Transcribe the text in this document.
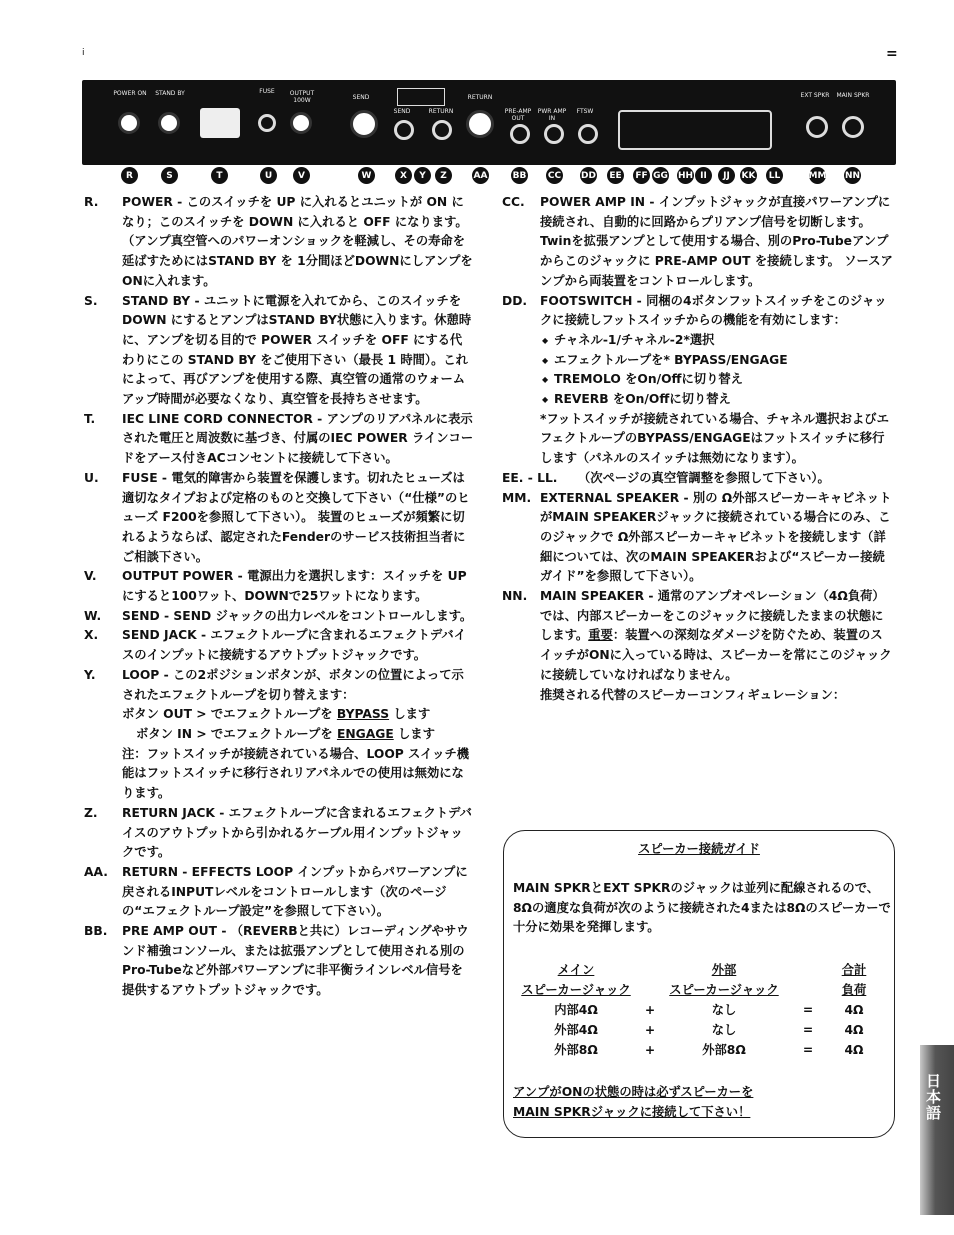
i	=
POWER ON	STAND BY	FUSE	OUTPUT 100W	SEND
SEND	RETURN
RETURN
PRE-AMP OUT
PWR AMP IN
FTSW
EXT SPKR	MAIN SPKR
R	S	T	U	V	W	X	Y	Z	AA	BB CC DD EE FF GG HH II	JJ	KK	LL	MM NN
R. POWER - このスイッチを UP に入れるとユニットが ON になり；このスイッチを DOWN に入れると OFF になります。（アンプ真空管へのパワーオンショックを軽減し、その寿命を延ばすためにはSTAND BY を 1分間ほどDOWNにしアンプをONに入れます。
S. STAND BY - ユニットに電源を入れてから、このスイッチをDOWN にするとアンプはSTAND BY状態に入ります。休憩時に、アンプを切る目的で POWER スイッチを OFF にする代わりにこの STAND BY をご使用下さい（最長 1 時間）。これによって、再びアンプを使用する際、真空管の通常のウォームアップ時間が必要なくなり、真空管を長持ちさせます。
T. IEC LINE CORD CONNECTOR - アンプのリアパネルに表示された電圧と周波数に基づき、付属のIEC POWER ラインコードをアース付きACコンセントに接続して下さい。
U. FUSE - 電気的障害から装置を保護します。切れたヒューズは適切なタイプおよび定格のものと交換して下さい（“仕様”のヒューズ F200を参照して下さい）。 装置のヒューズが頻繁に切れるようならば、認定されたFenderのサービス技術担当者にご相談下さい。
V. OUTPUT POWER - 電源出力を選択します：スイッチを UP にすると100ワット、DOWNで25ワットになります。
W. SEND - SEND ジャックの出力レベルをコントロールします。
X. SEND JACK - エフェクトループに含まれるエフェクトデバイスのインプットに接続するアウトプットジャックです。
Y. LOOP - この2ポジションボタンが、ボタンの位置によって示されたエフェクトループを切り替えます：
ボタン OUT > でエフェクトループを BYPASS します
ボタン IN > でエフェクトループを ENGAGE します
注：フットスイッチが接続されている場合、LOOP スイッチ機能はフットスイッチに移行されリアパネルでの使用は無効になります。
Z. RETURN JACK - エフェクトループに含まれるエフェクトデバイスのアウトプットから引かれるケーブル用インプットジャックです。
AA. RETURN - EFFECTS LOOP インプットからパワーアンプに戻されるINPUTレベルをコントロールします（次のページの“エフェクトループ設定”を参照して下さい）。
BB. PRE AMP OUT - （REVERBと共に）レコーディングやサウンド補強コンソール、または拡張アンプとして使用される別のPro-Tubeなど外部パワーアンプに非平衡ラインレベル信号を提供するアウトプットジャックです。
CC. POWER AMP IN - インプットジャックが直接パワーアンプに接続され、自動的に回路からプリアンプ信号を切断します。Twinを拡張アンプとして使用する場合、別のPro-Tubeアンプからこのジャックに PRE-AMP OUT を接続します。 ソースアンプから両装置をコントロールします。
DD. FOOTSWITCH - 同梱の4ボタンフットスイッチをこのジャックに接続しフットスイッチからの機能を有効にします：
◆ チャネル-1/チャネル-2*選択
◆ エフェクトループを* BYPASS/ENGAGE
◆ TREMOLO をOn/Offに切り替え
◆ REVERB をOn/Offに切り替え
*フットスイッチが接続されている場合、チャネル選択およびエフェクトループのBYPASS/ENGAGEはフットスイッチに移行します（パネルのスイッチは無効になります）。
EE. - LL. （次ページの真空管調整を参照して下さい）。
MM. EXTERNAL SPEAKER - 別の Ω外部スピーカーキャビネットがMAIN SPEAKERジャックに接続されている場合にのみ、このジャックで Ω外部スピーカーキャビネットを接続します（詳細については、次のMAIN SPEAKERおよび“スピーカー接続ガイド”を参照して下さい）。
NN. MAIN SPEAKER - 通常のアンプオペレーション（4Ω負荷）では、内部スピーカーをこのジャックに接続したままの状態にします。重要：装置への深刻なダメージを防ぐため、装置のスイッチがONに入っている時は、スピーカーを常にこのジャックに接続していなければなりません。
推奨される代替のスピーカーコンフィギュレーション：
スピーカー接続ガイド
MAIN SPKRとEXT SPKRのジャックは並列に配線されるので、8Ωの適度な負荷が次のように接続された4または8Ωのスピーカーで十分に効果を発揮します。
メイン		外部		合計
スピーカージャック		スピーカージャック		負荷
内部4Ω	+	なし	=	4Ω
外部4Ω	+	なし	=	4Ω
外部8Ω	+	外部8Ω	=	4Ω
アンプがONの状態の時は必ずスピーカーを
MAIN SPKRジャックに接続して下さい！	日本語
